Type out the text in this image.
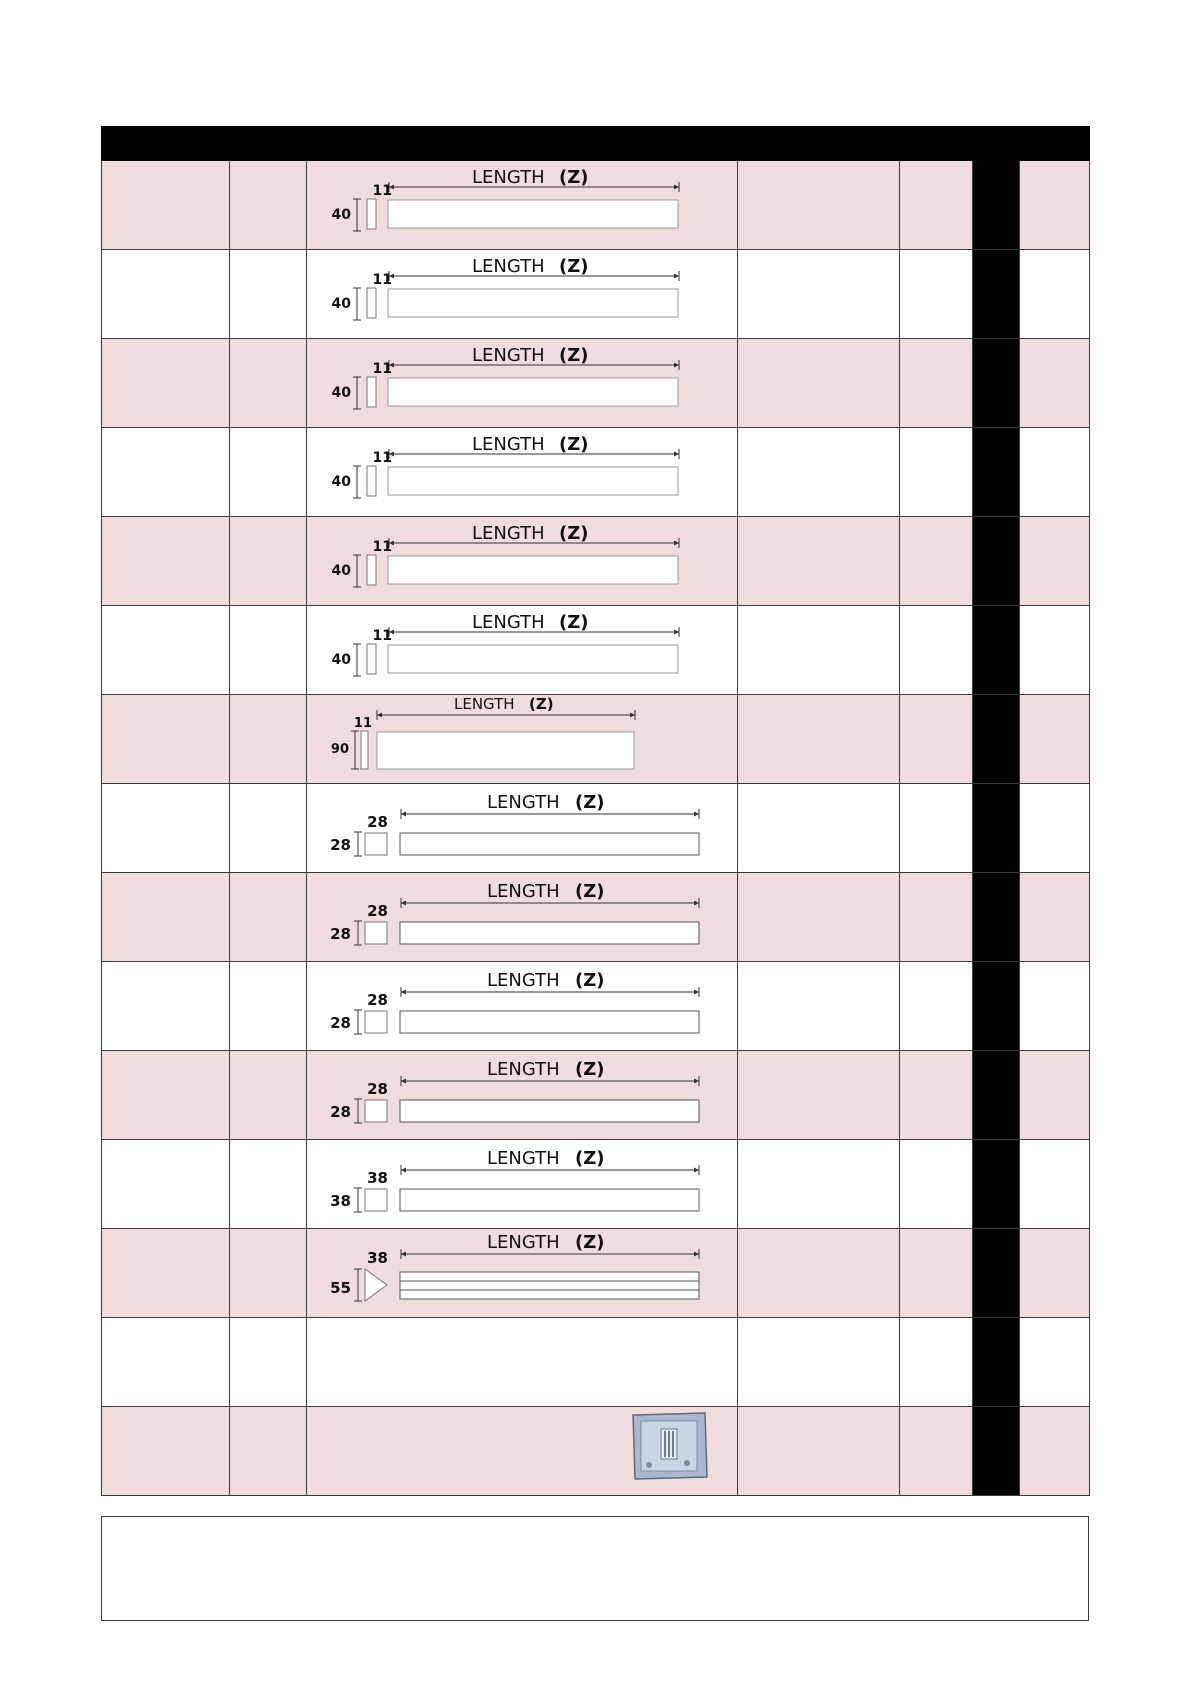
LENGTH (Z)
11
40				

LENGTH (Z)
11
40				

LENGTH (Z)
11
40				

LENGTH (Z)
11
40				

LENGTH (Z)
11
40				

LENGTH (Z)
11
40				

LENGTH (Z)
11
90				

LENGTH (Z)
28
28				

LENGTH (Z)
28
28				

LENGTH (Z)
28
28				

LENGTH (Z)
28
28				

LENGTH (Z)
38
38				

LENGTH (Z)
38
55				
